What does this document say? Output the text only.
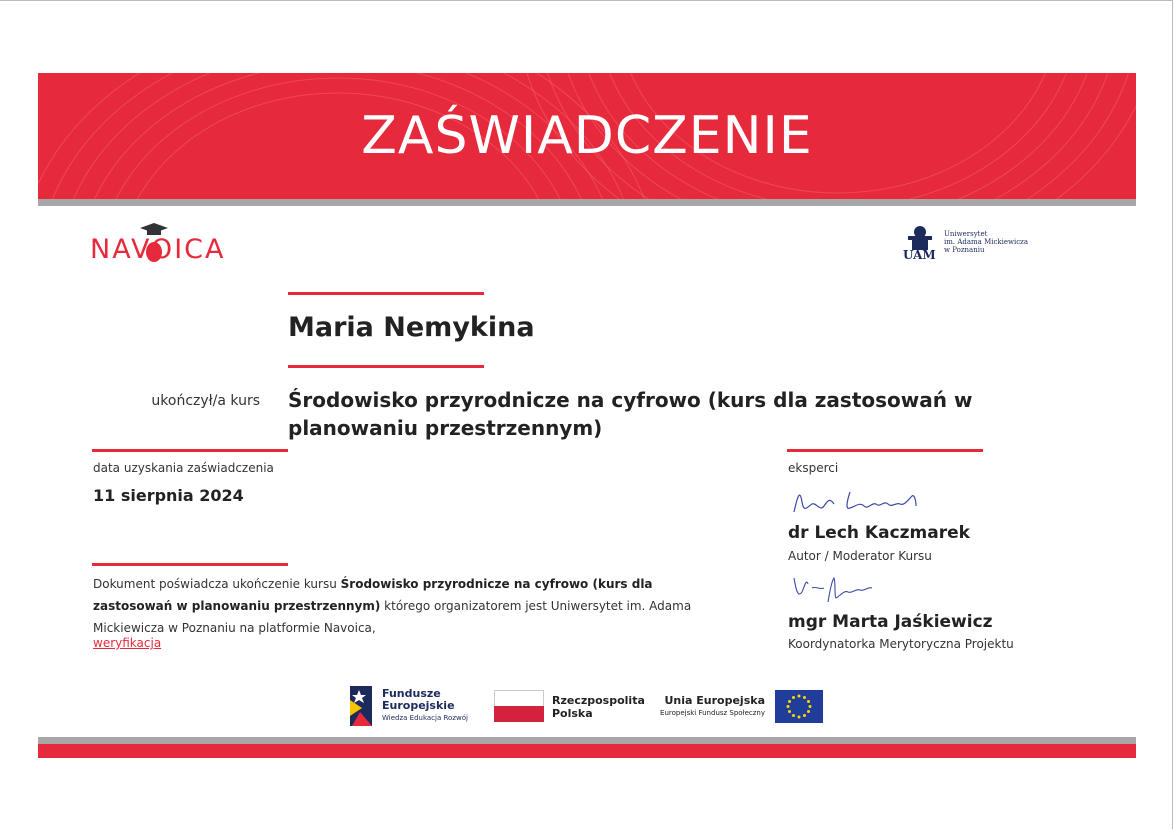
ZAŚWIADCZENIE
NAVOICA	UAM
Uniwersytet
im. Adama Mickiewicza
w Poznaniu
Maria Nemykina
ukończył/a kurs Środowisko przyrodnicze na cyfrowo (kurs dla zastosowań w planowaniu przestrzennym)
data uzyskania zaświadczenia
11 sierpnia 2024
eksperci
dr Lech Kaczmarek
Autor / Moderator Kursu
mgr Marta Jaśkiewicz
Koordynatorka Merytoryczna Projektu
Dokument poświadcza ukończenie kursu Środowisko przyrodnicze na cyfrowo (kurs dla zastosowań w planowaniu przestrzennym) którego organizatorem jest Uniwersytet im. Adama Mickiewicza w Poznaniu na platformie Navoica,
weryfikacja
Fundusze
Europejskie
Wiedza Edukacja Rozwój
Rzeczpospolita
Polska
Unia Europejska
Europejski Fundusz Społeczny
